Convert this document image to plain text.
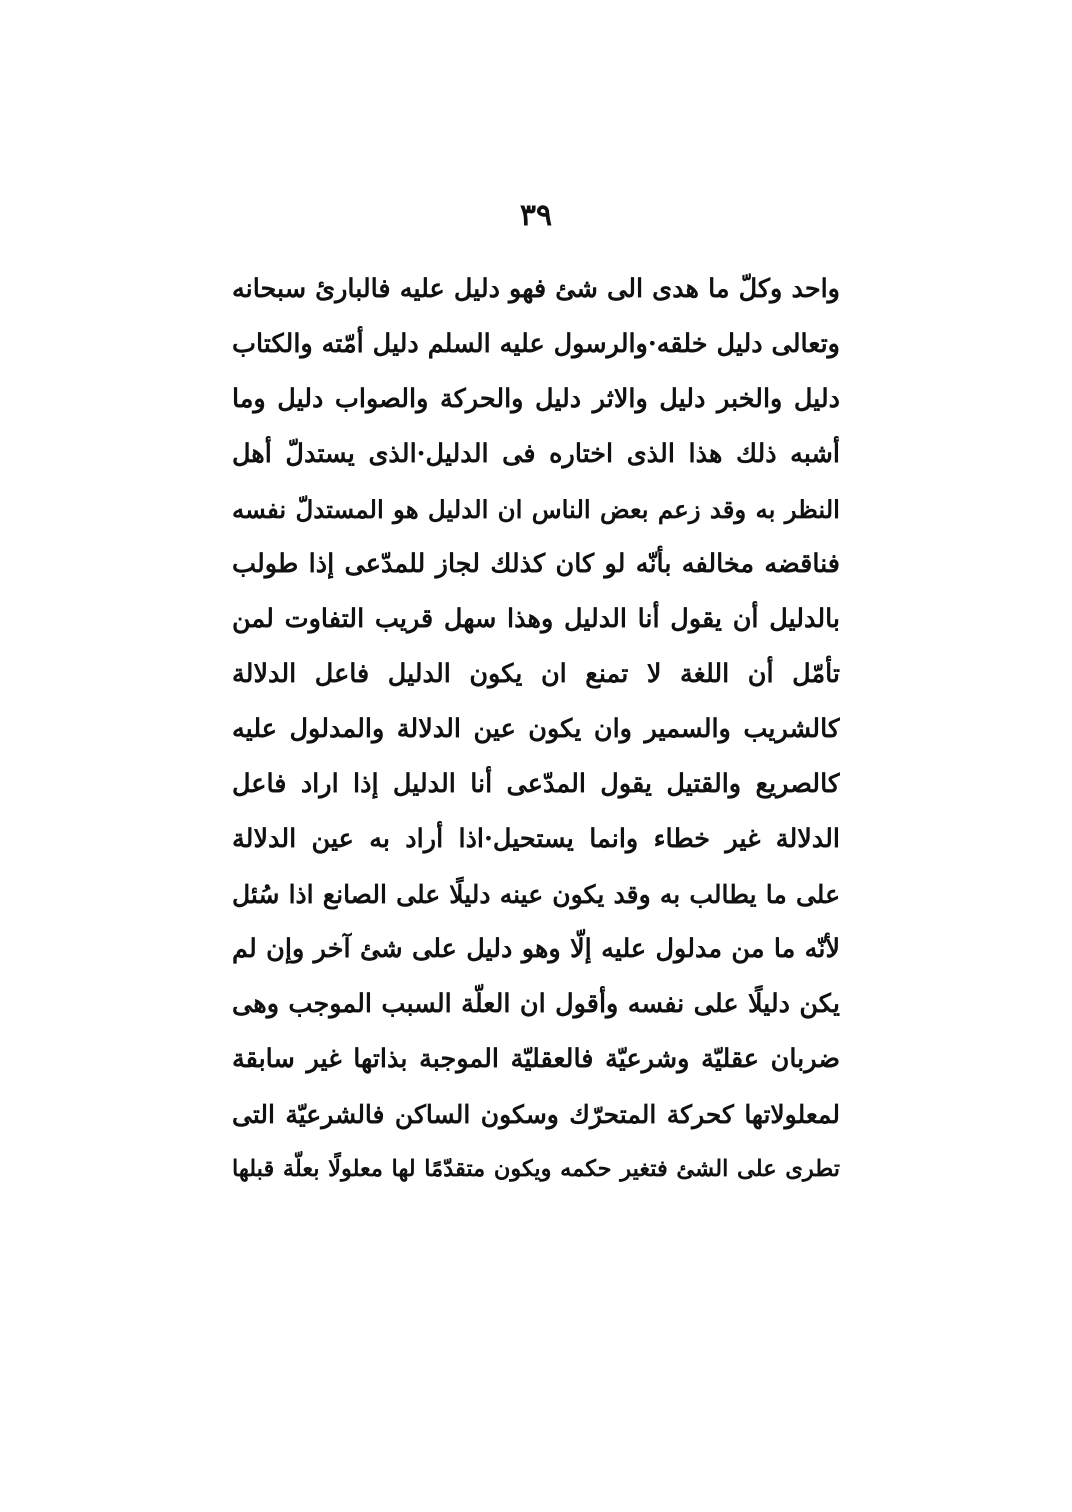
٣٩
واحد وكلّ ما هدى الى شئ فهو دليل عليه فالبارئ سبحانه
وتعالى دليل خلقه·والرسول عليه السلم دليل أمّته والكتاب
دليل والخبر دليل والاثر دليل والحركة والصواب دليل وما
أشبه ذلك هذا الذى اختاره فى الدليل·الذى يستدلّ أهل
النظر به وقد زعم بعض الناس ان الدليل هو المستدلّ نفسه
فناقضه مخالفه بأنّه لو كان كذلك لجاز للمدّعى إذا طولب
بالدليل أن يقول أنا الدليل وهذا سهل قريب التفاوت لمن
تأمّل أن اللغة لا تمنع ان يكون الدليل فاعل الدلالة
كالشريب والسمير وان يكون عين الدلالة والمدلول عليه
كالصريع والقتيل يقول المدّعى أنا الدليل إذا اراد فاعل
الدلالة غير خطاء وانما يستحيل·اذا أراد به عين الدلالة
على ما يطالب به وقد يكون عينه دليلًا على الصانع اذا سُئل
لأنّه ما من مدلول عليه إلّا وهو دليل على شئ آخر وإن لم
يكن دليلًا على نفسه وأقول ان العلّة السبب الموجب وهى
ضربان عقليّة وشرعيّة فالعقليّة الموجبة بذاتها غير سابقة
لمعلولاتها كحركة المتحرّك وسكون الساكن فالشرعيّة التى
تطرى على الشئ فتغير حكمه ويكون متقدّمًا لها معلولًا بعلّة قبلها
